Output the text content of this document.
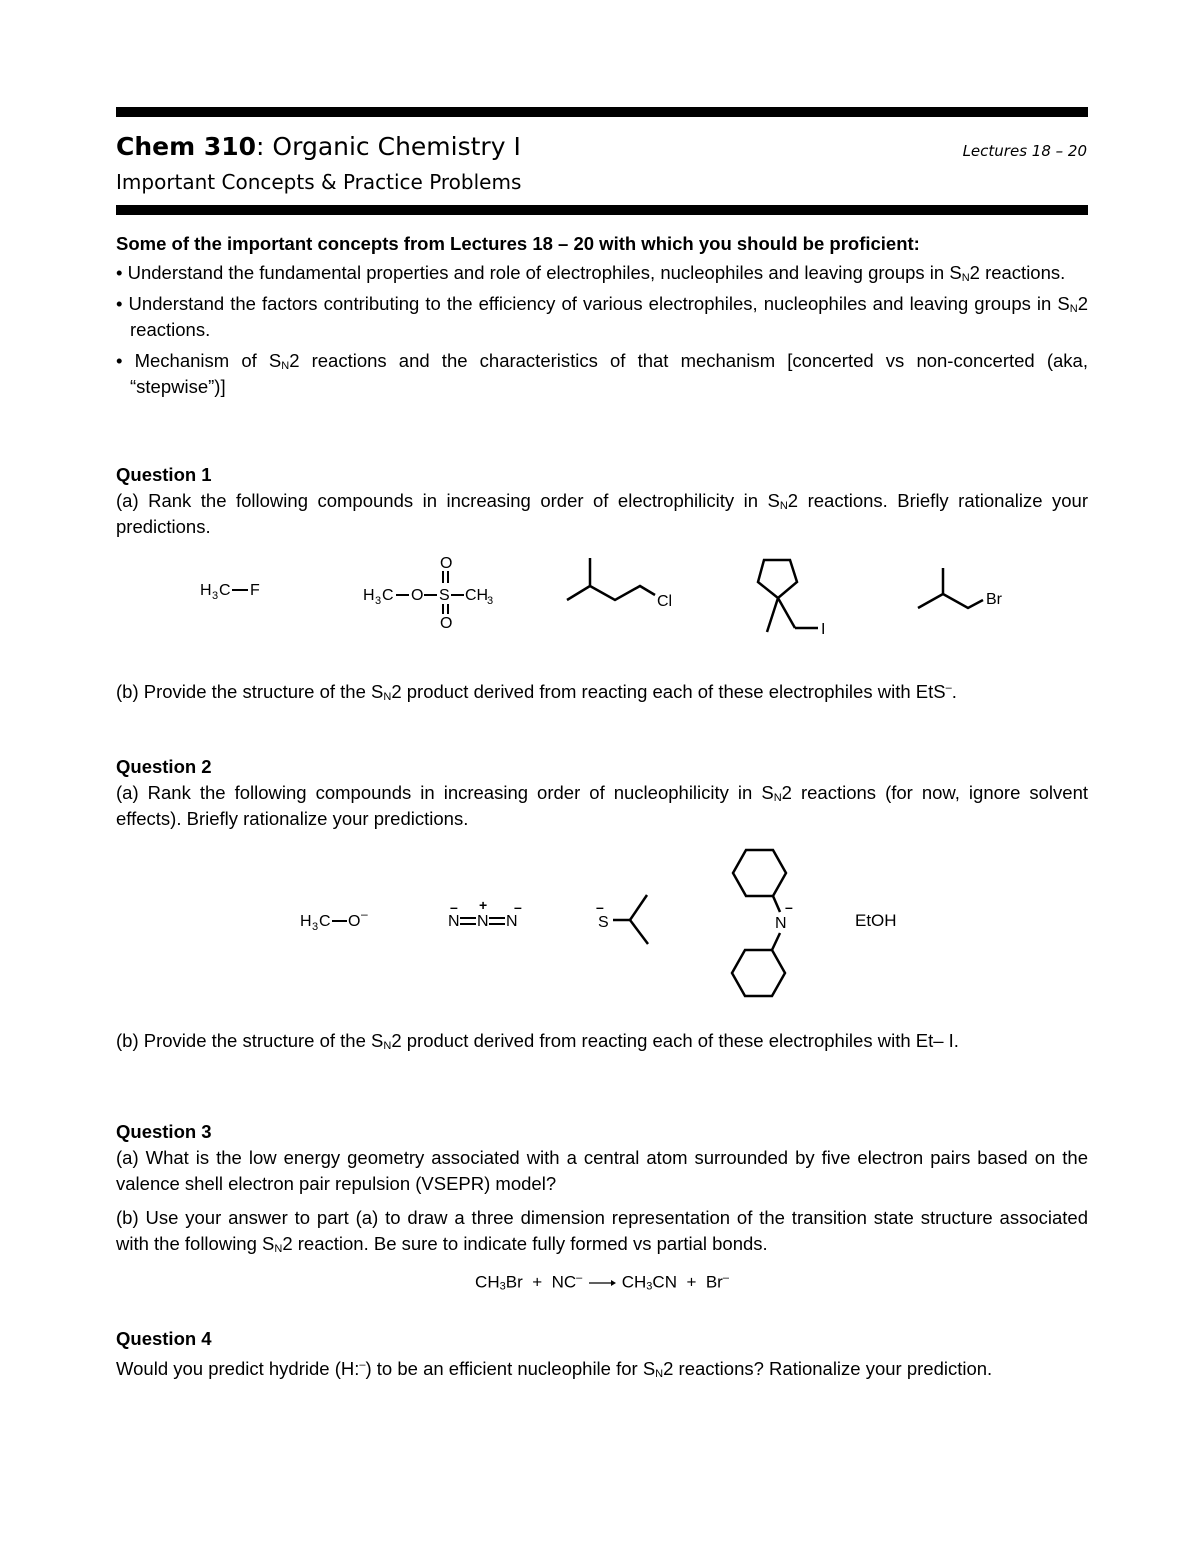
Chem 310: Organic Chemistry I	Lectures 18 – 20
Important Concepts & Practice Problems

Some of the important concepts from Lectures 18 – 20 with which you should be proficient:

• Understand the fundamental properties and role of electrophiles, nucleophiles and leaving groups in $S_N2$ reactions.

• Understand the factors contributing to the efficiency of various electrophiles, nucleophiles and leaving groups in $S_N2$ reactions.

• Mechanism of $S_N2$ reactions and the characteristics of that mechanism [concerted vs non-concerted (aka, “stepwise”)]

Question 1

(a) Rank the following compounds in increasing order of electrophilicity in $S_N2$ reactions. Briefly rationalize your predictions.

H 3 C F	H 3 C O S CH
3
O
O
Cl
I
Br

(b) Provide the structure of the $S_N2$ product derived from reacting each of these electrophiles with EtS–.

Question 2

(a) Rank the following compounds in increasing order of nucleophilicity in $S_N2$ reactions (for now, ignore solvent effects). Briefly rationalize your predictions.

H 3 C O –	N N
+
N
–	–	–
S	N
–
EtOH

(b) Provide the structure of the $S_N2$ product derived from reacting each of these electrophiles with Et– I.

Question 3

(a) What is the low energy geometry associated with a central atom surrounded by five electron pairs based on the valence shell electron pair repulsion (VSEPR) model?

(b) Use your answer to part (a) to draw a three dimension representation of the transition state structure associated with the following $S_N2$ reaction. Be sure to indicate fully formed vs partial bonds.

$CH_3Br + NC^- \to CH_3CN + Br^-$

Question 4

Would you predict hydride (H:–) to be an efficient nucleophile for $S_N2$ reactions? Rationalize your prediction.
